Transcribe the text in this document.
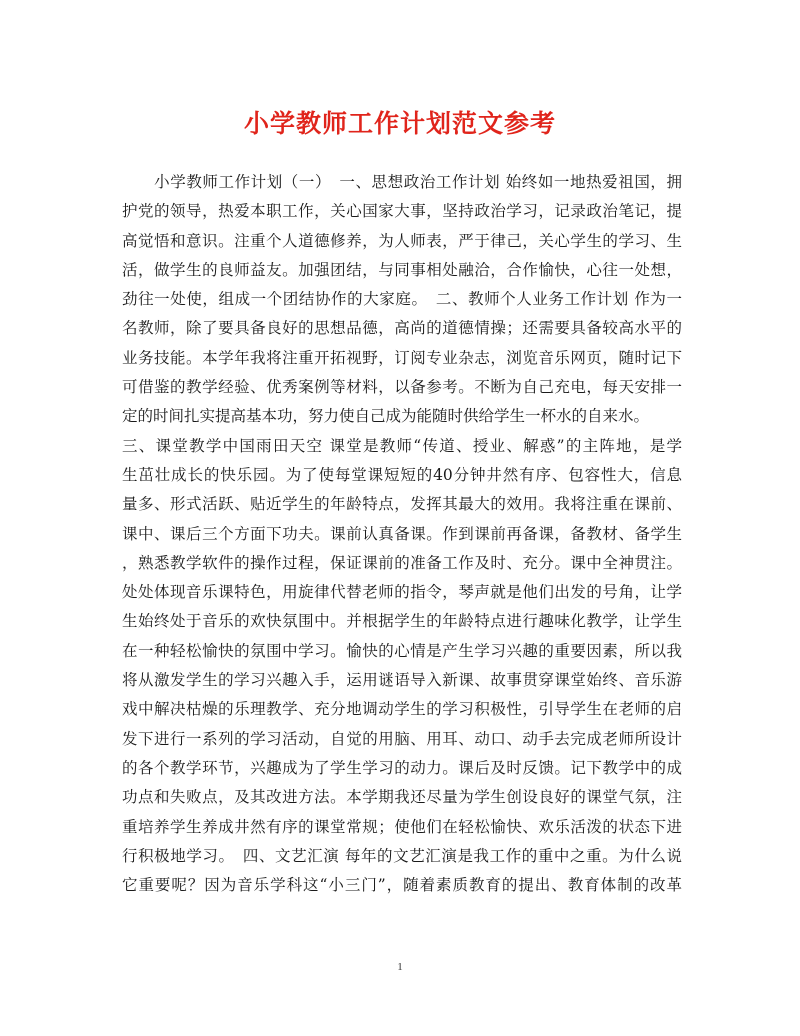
小学教师工作计划范文参考
　　小学教师工作计划（一）　一、思想政治工作计划 始终如一地热爱祖国，拥
护党的领导，热爱本职工作，关心国家大事，坚持政治学习，记录政治笔记，提
高觉悟和意识。注重个人道德修养，为人师表，严于律己，关心学生的学习、生
活，做学生的良师益友。加强团结，与同事相处融洽，合作愉快，心往一处想，
劲往一处使，组成一个团结协作的大家庭。　二、教师个人业务工作计划 作为一
名教师，除了要具备良好的思想品德，高尚的道德情操；还需要具备较高水平的
业务技能。本学年我将注重开拓视野，订阅专业杂志，浏览音乐网页，随时记下
可借鉴的教学经验、优秀案例等材料，以备参考。不断为自己充电，每天安排一
定的时间扎实提高基本功，努力使自己成为能随时供给学生一杯水的自来水。
三、课堂教学中国雨田天空 课堂是教师“传道、授业、解惑”的主阵地，是学
生茁壮成长的快乐园。为了使每堂课短短的40分钟井然有序、包容性大，信息
量多、形式活跃、贴近学生的年龄特点，发挥其最大的效用。我将注重在课前、
课中、课后三个方面下功夫。课前认真备课。作到课前再备课，备教材、备学生
，熟悉教学软件的操作过程，保证课前的准备工作及时、充分。课中全神贯注。
处处体现音乐课特色，用旋律代替老师的指令，琴声就是他们出发的号角，让学
生始终处于音乐的欢快氛围中。并根据学生的年龄特点进行趣味化教学，让学生
在一种轻松愉快的氛围中学习。愉快的心情是产生学习兴趣的重要因素，所以我
将从激发学生的学习兴趣入手，运用谜语导入新课、故事贯穿课堂始终、音乐游
戏中解决枯燥的乐理教学、充分地调动学生的学习积极性，引导学生在老师的启
发下进行一系列的学习活动，自觉的用脑、用耳、动口、动手去完成老师所设计
的各个教学环节，兴趣成为了学生学习的动力。课后及时反馈。记下教学中的成
功点和失败点，及其改进方法。本学期我还尽量为学生创设良好的课堂气氛，注
重培养学生养成井然有序的课堂常规；使他们在轻松愉快、欢乐活泼的状态下进
行积极地学习。　四、文艺汇演 每年的文艺汇演是我工作的重中之重。为什么说
它重要呢？因为音乐学科这“小三门”，随着素质教育的提出、教育体制的改革
1
